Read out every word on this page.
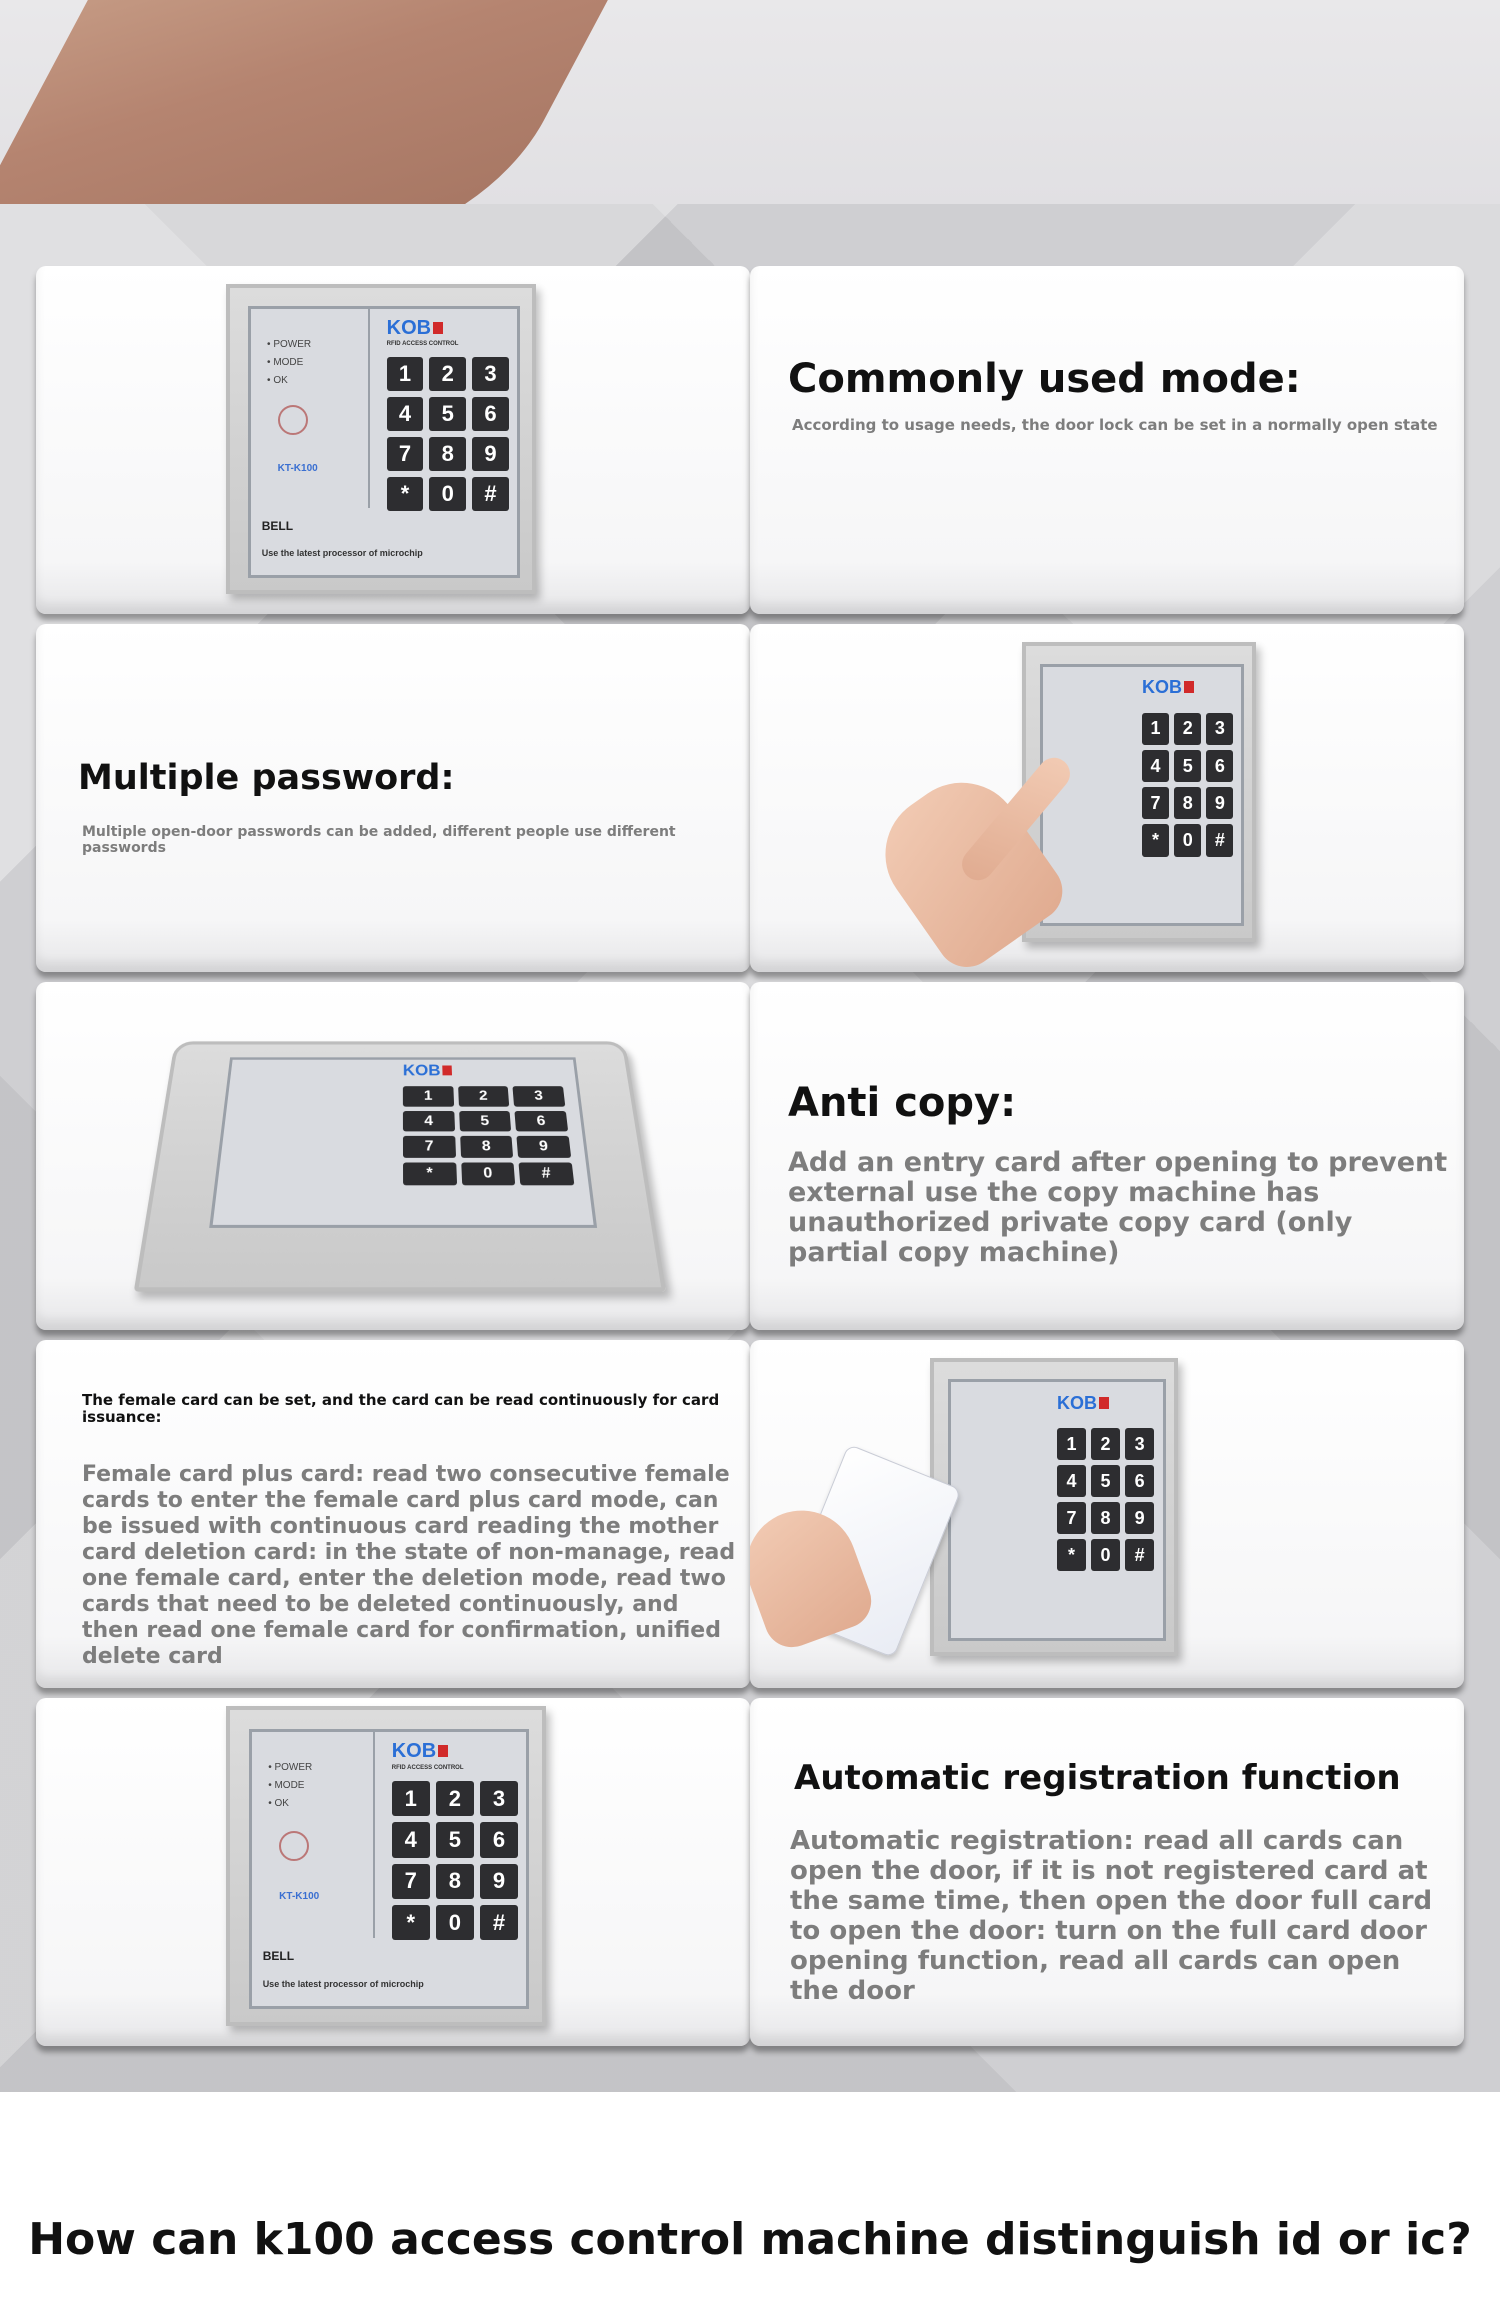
• POWER
• MODE
• OK
KOB
RFID ACCESS CONTROL
KT-K100
1	2	3
4	5	6
7	8	9
*	0	#
BELL
Use the latest processor of microchip
Commonly used mode:
According to usage needs, the door lock can be set in a normally open state
Multiple password:
Multiple open-door passwords can be added, different people use different passwords
KOB
1	2	3
4	5	6
7	8	9
*	0	#
KOB
1	2	3
4	5	6
7	8	9
*	0	#
Anti copy:
Add an entry card after opening to prevent external use the copy machine has unauthorized private copy card (only partial copy machine)
The female card can be set, and the card can be read continuously for card issuance:
Female card plus card: read two consecutive female cards to enter the female card plus card mode, can be issued with continuous card reading the mother card deletion card: in the state of non-manage, read one female card, enter the deletion mode, read two cards that need to be deleted continuously, and then read one female card for confirmation, unified delete card
KOB
1	2	3
4	5	6
7	8	9
*	0	#
• POWER
• MODE
• OK
KOB
RFID ACCESS CONTROL
KT-K100
1	2	3
4	5	6
7	8	9
*	0	#
BELL
Use the latest processor of microchip
Automatic registration function
Automatic registration: read all cards can open the door, if it is not registered card at the same time, then open the door full card to open the door: turn on the full card door opening function, read all cards can open the door
How can k100 access control machine distinguish id or ic?
